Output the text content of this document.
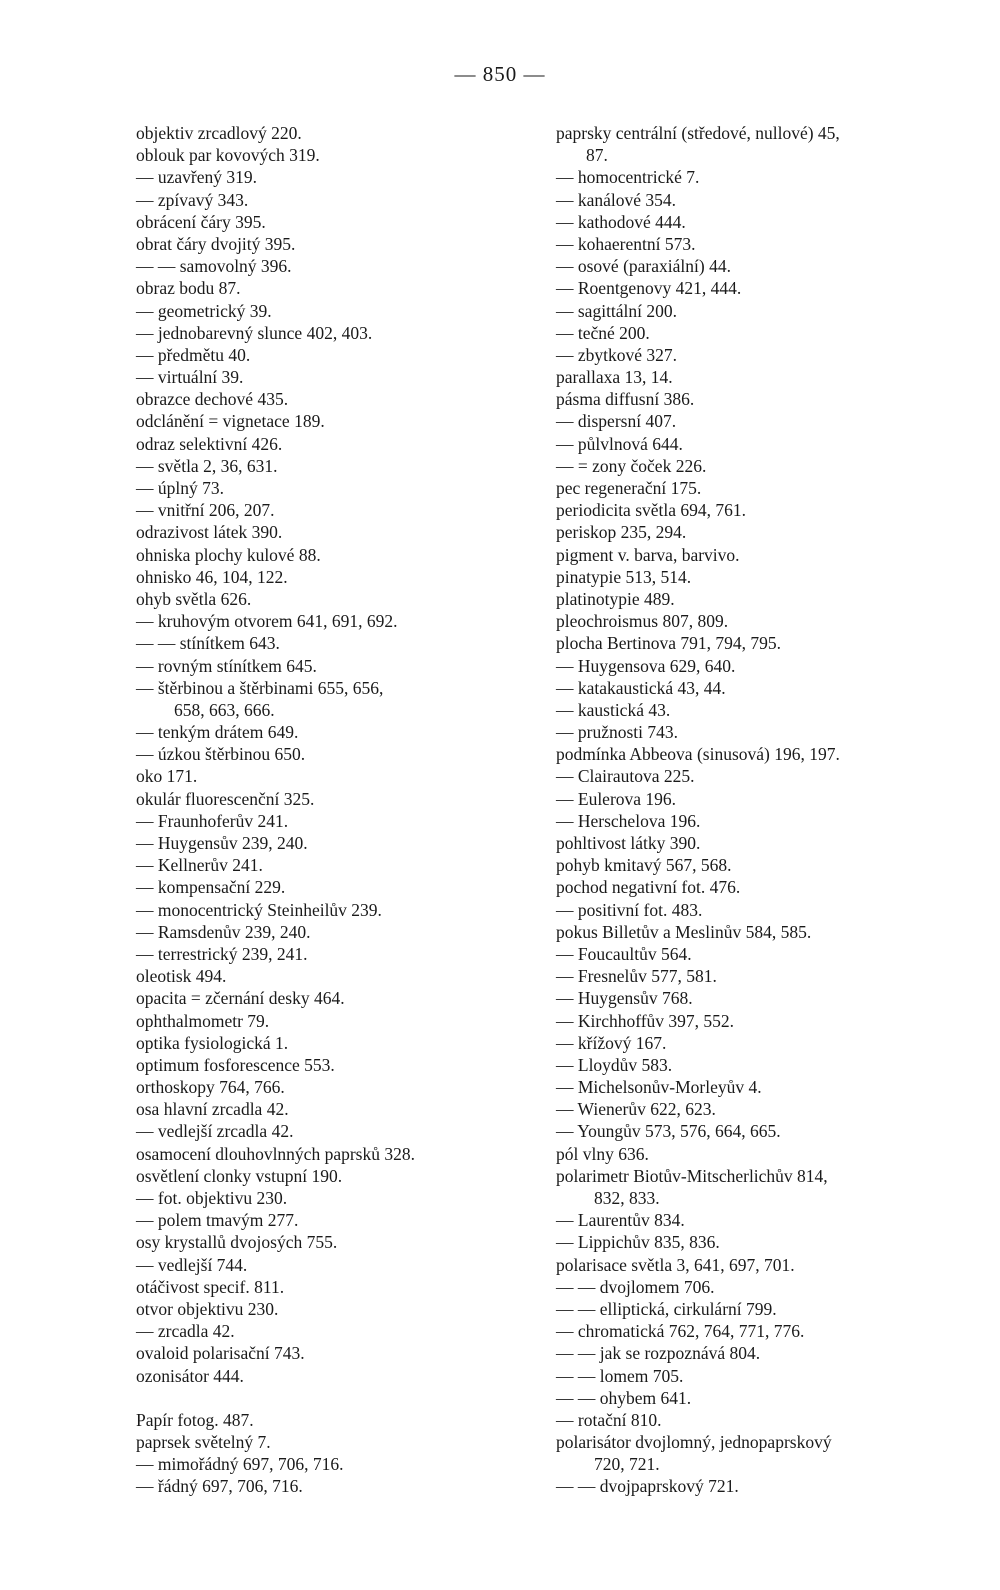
— 850 —
objektiv zrcadlový 220.
oblouk par kovových 319.
— uzavřený 319.
— zpívavý 343.
obrácení čáry 395.
obrat čáry dvojitý 395.
— — samovolný 396.
obraz bodu 87.
— geometrický 39.
— jednobarevný slunce 402, 403.
— předmětu 40.
— virtuální 39.
obrazce dechové 435.
odclánění = vignetace 189.
odraz selektivní 426.
— světla 2, 36, 631.
— úplný 73.
— vnitřní 206, 207.
odrazivost látek 390.
ohniska plochy kulové 88.
ohnisko 46, 104, 122.
ohyb světla 626.
— kruhovým otvorem 641, 691, 692.
— — stínítkem 643.
— rovným stínítkem 645.
— štěrbinou a štěrbinami 655, 656,
658, 663, 666.
— tenkým drátem 649.
— úzkou štěrbinou 650.
oko 171.
okulár fluorescenční 325.
— Fraunhoferův 241.
— Huygensův 239, 240.
— Kellnerův 241.
— kompensační 229.
— monocentrický Steinheilův 239.
— Ramsdenův 239, 240.
— terrestrický 239, 241.
oleotisk 494.
opacita = zčernání desky 464.
ophthalmometr 79.
optika fysiologická 1.
optimum fosforescence 553.
orthoskopy 764, 766.
osa hlavní zrcadla 42.
— vedlejší zrcadla 42.
osamocení dlouhovlnných paprsků 328.
osvětlení clonky vstupní 190.
— fot. objektivu 230.
— polem tmavým 277.
osy krystallů dvojosých 755.
— vedlejší 744.
otáčivost specif. 811.
otvor objektivu 230.
— zrcadla 42.
ovaloid polarisační 743.
ozonisátor 444.
Papír fotog. 487.
paprsek světelný 7.
— mimořádný 697, 706, 716.
— řádný 697, 706, 716.
paprsky centrální (středové, nullové) 45,
87.
— homocentrické 7.
— kanálové 354.
— kathodové 444.
— kohaerentní 573.
— osové (paraxiální) 44.
— Roentgenovy 421, 444.
— sagittální 200.
— tečné 200.
— zbytkové 327.
parallaxa 13, 14.
pásma diffusní 386.
— dispersní 407.
— půlvlnová 644.
— = zony čoček 226.
pec regenerační 175.
periodicita světla 694, 761.
periskop 235, 294.
pigment v. barva, barvivo.
pinatypie 513, 514.
platinotypie 489.
pleochroismus 807, 809.
plocha Bertinova 791, 794, 795.
— Huygensova 629, 640.
— katakaustická 43, 44.
— kaustická 43.
— pružnosti 743.
podmínka Abbeova (sinusová) 196, 197.
— Clairautova 225.
— Eulerova 196.
— Herschelova 196.
pohltivost látky 390.
pohyb kmitavý 567, 568.
pochod negativní fot. 476.
— positivní fot. 483.
pokus Billetův a Meslinův 584, 585.
— Foucaultův 564.
— Fresnelův 577, 581.
— Huygensův 768.
— Kirchhoffův 397, 552.
— křížový 167.
— Lloydův 583.
— Michelsonův-Morleyův 4.
— Wienerův 622, 623.
— Youngův 573, 576, 664, 665.
pól vlny 636.
polarimetr Biotův-Mitscherlichův 814,
832, 833.
— Laurentův 834.
— Lippichův 835, 836.
polarisace světla 3, 641, 697, 701.
— — dvojlomem 706.
— — elliptická, cirkulární 799.
— chromatická 762, 764, 771, 776.
— — jak se rozpoznává 804.
— — lomem 705.
— — ohybem 641.
— rotační 810.
polarisátor dvojlomný, jednopaprskový
720, 721.
— — dvojpaprskový 721.
